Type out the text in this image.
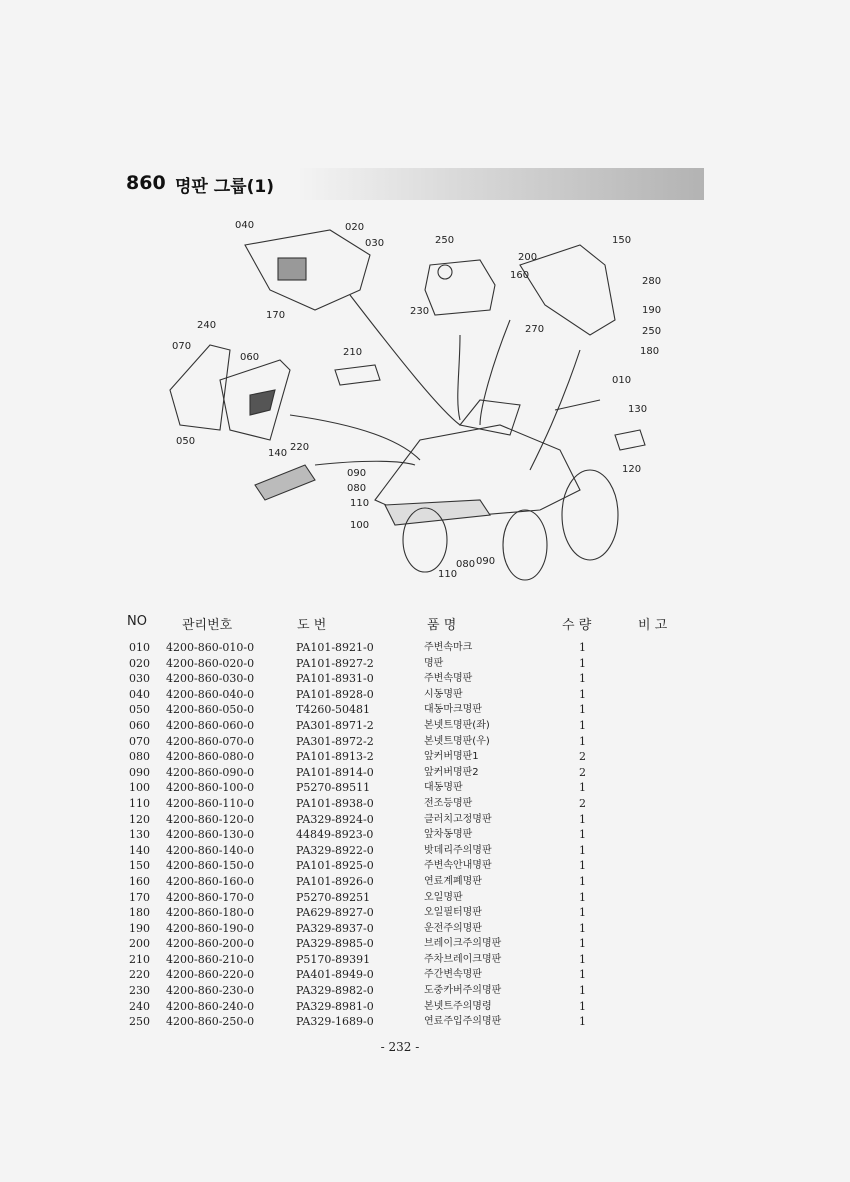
860 명판 그룹(1)
040	020
030	250	150
200
160
280
190
250
180
230
270
240
070
060	210
010
130
050
220
140
120
090
080
110
100
110
080 090
170
NO	관리번호	도 번	품 명	수 량	비 고
010 4200-860-010-0	PA101-8921-0	주변속마크	1
020 4200-860-020-0	PA101-8927-2	명판	1
030 4200-860-030-0	PA101-8931-0	주변속명판	1
040 4200-860-040-0	PA101-8928-0	시동명판	1
050 4200-860-050-0	T4260-50481	대동마크명판	1
060 4200-860-060-0	PA301-8971-2	본넷트명판(좌)	1
070 4200-860-070-0	PA301-8972-2	본넷트명판(우)	1
080 4200-860-080-0	PA101-8913-2	앞커버명판1	2
090 4200-860-090-0	PA101-8914-0	앞커버명판2	2
100 4200-860-100-0	P5270-89511	대동명판	1
110 4200-860-110-0	PA101-8938-0	전조등명판	2
120 4200-860-120-0	PA329-8924-0	클러치고정명판	1
130 4200-860-130-0	44849-8923-0	앞차동명판	1
140 4200-860-140-0	PA329-8922-0	밧데리주의명판	1
150 4200-860-150-0	PA101-8925-0	주변속안내명판	1
160 4200-860-160-0	PA101-8926-0	연료계폐명판	1
170 4200-860-170-0	P5270-89251	오일명판	1
180 4200-860-180-0	PA629-8927-0	오일필터명판	1
190 4200-860-190-0	PA329-8937-0	운전주의명판	1
200 4200-860-200-0	PA329-8985-0	브레이크주의명판	1
210 4200-860-210-0	P5170-89391	주차브레이크명판	1
220 4200-860-220-0	PA401-8949-0	주간변속명판	1
230 4200-860-230-0	PA329-8982-0	도중카버주의명판	1
240 4200-860-240-0	PA329-8981-0	본넷트주의명령	1
250 4200-860-250-0	PA329-1689-0	연료주입주의명판	1
- 232 -
